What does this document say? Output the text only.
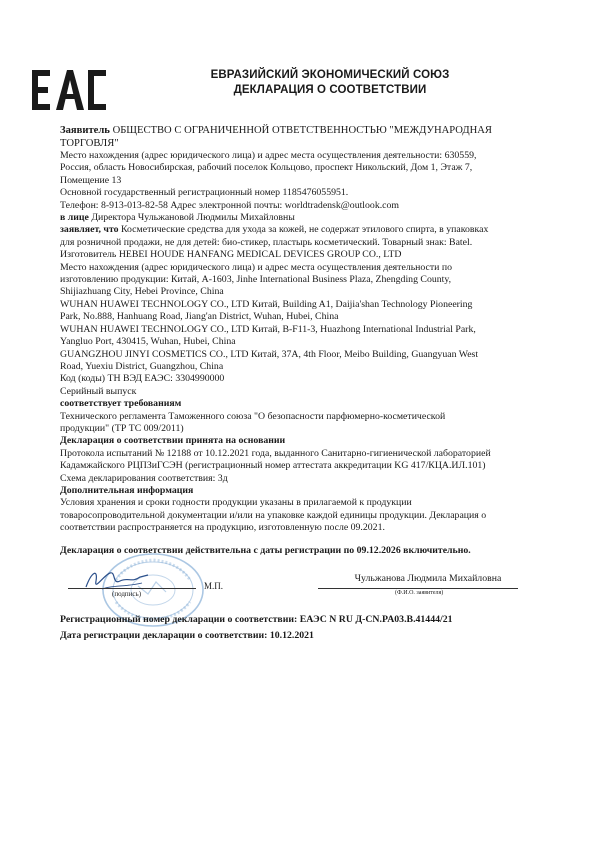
ЕВРАЗИЙСКИЙ ЭКОНОМИЧЕСКИЙ СОЮЗ
ДЕКЛАРАЦИЯ О СООТВЕТСТВИИ
Заявитель ОБЩЕСТВО С ОГРАНИЧЕННОЙ ОТВЕТСТВЕННОСТЬЮ "МЕЖДУНАРОДНАЯ
ТОРГОВЛЯ"
Место нахождения (адрес юридического лица) и адрес места осуществления деятельности: 630559,
Россия, область Новосибирская, рабочий поселок Кольцово, проспект Никольский, Дом 1, Этаж 7,
Помещение 13
Основной государственный регистрационный номер 1185476055951.
Телефон: 8-913-013-82-58 Адрес электронной почты: worldtradensk@outlook.com
в лице Директора Чульжановой Людмилы Михайловны
заявляет, что Косметические средства для ухода за кожей, не содержат этилового спирта, в упаковках
для розничной продажи, не для детей: био-стикер, пластырь косметический. Товарный знак: Batel.
Изготовитель HEBEI HOUDE HANFANG MEDICAL DEVICES GROUP CO., LTD
Место нахождения (адрес юридического лица) и адрес места осуществления деятельности по
изготовлению продукции: Китай, A-1603, Jinhe International Business Plaza, Zhengding County,
Shijiazhuang City, Hebei Province, China
WUHAN HUAWEI TECHNOLOGY CO., LTD Китай, Building A1, Daijia'shan Technology Pioneering
Park, No.888, Hanhuang Road, Jiang'an District, Wuhan, Hubei, China
WUHAN HUAWEI TECHNOLOGY CO., LTD Китай, B-F11-3, Huazhong International Industrial Park,
Yangluo Port, 430415, Wuhan, Hubei, China
GUANGZHOU JINYI COSMETICS CO., LTD Китай, 37A, 4th Floor, Meibo Building, Guangyuan West
Road, Yuexiu District, Guangzhou, China
Код (коды) ТН ВЭД ЕАЭС: 3304990000
Серийный выпуск
соответствует требованиям
Технического регламента Таможенного союза "О безопасности парфюмерно-косметической
продукции" (ТР ТС 009/2011)
Декларация о соответствии принята на основании
Протокола испытаний № 12188 от 10.12.2021 года, выданного Санитарно-гигиенической лабораторией
Кадамжайского РЦПЗиГСЭН (регистрационный номер аттестата аккредитации KG 417/КЦА.ИЛ.101)
Схема декларирования соответствия: 3д
Дополнительная информация
Условия хранения и сроки годности продукции указаны в прилагаемой к продукции
товаросопроводительной документации и/или на упаковке каждой единицы продукции. Декларация о
соответствии распространяется на продукцию, изготовленную после 09.2021.
Декларация о соответствии действительна с даты регистрации по 09.12.2026 включительно.
(подпись)
М.П.
Чульжанова Людмила Михайловна
(Ф.И.О. заявителя)
Регистрационный номер декларации о соответствии: ЕАЭС N RU Д-CN.PA03.B.41444/21
Дата регистрации декларации о соответствии: 10.12.2021
